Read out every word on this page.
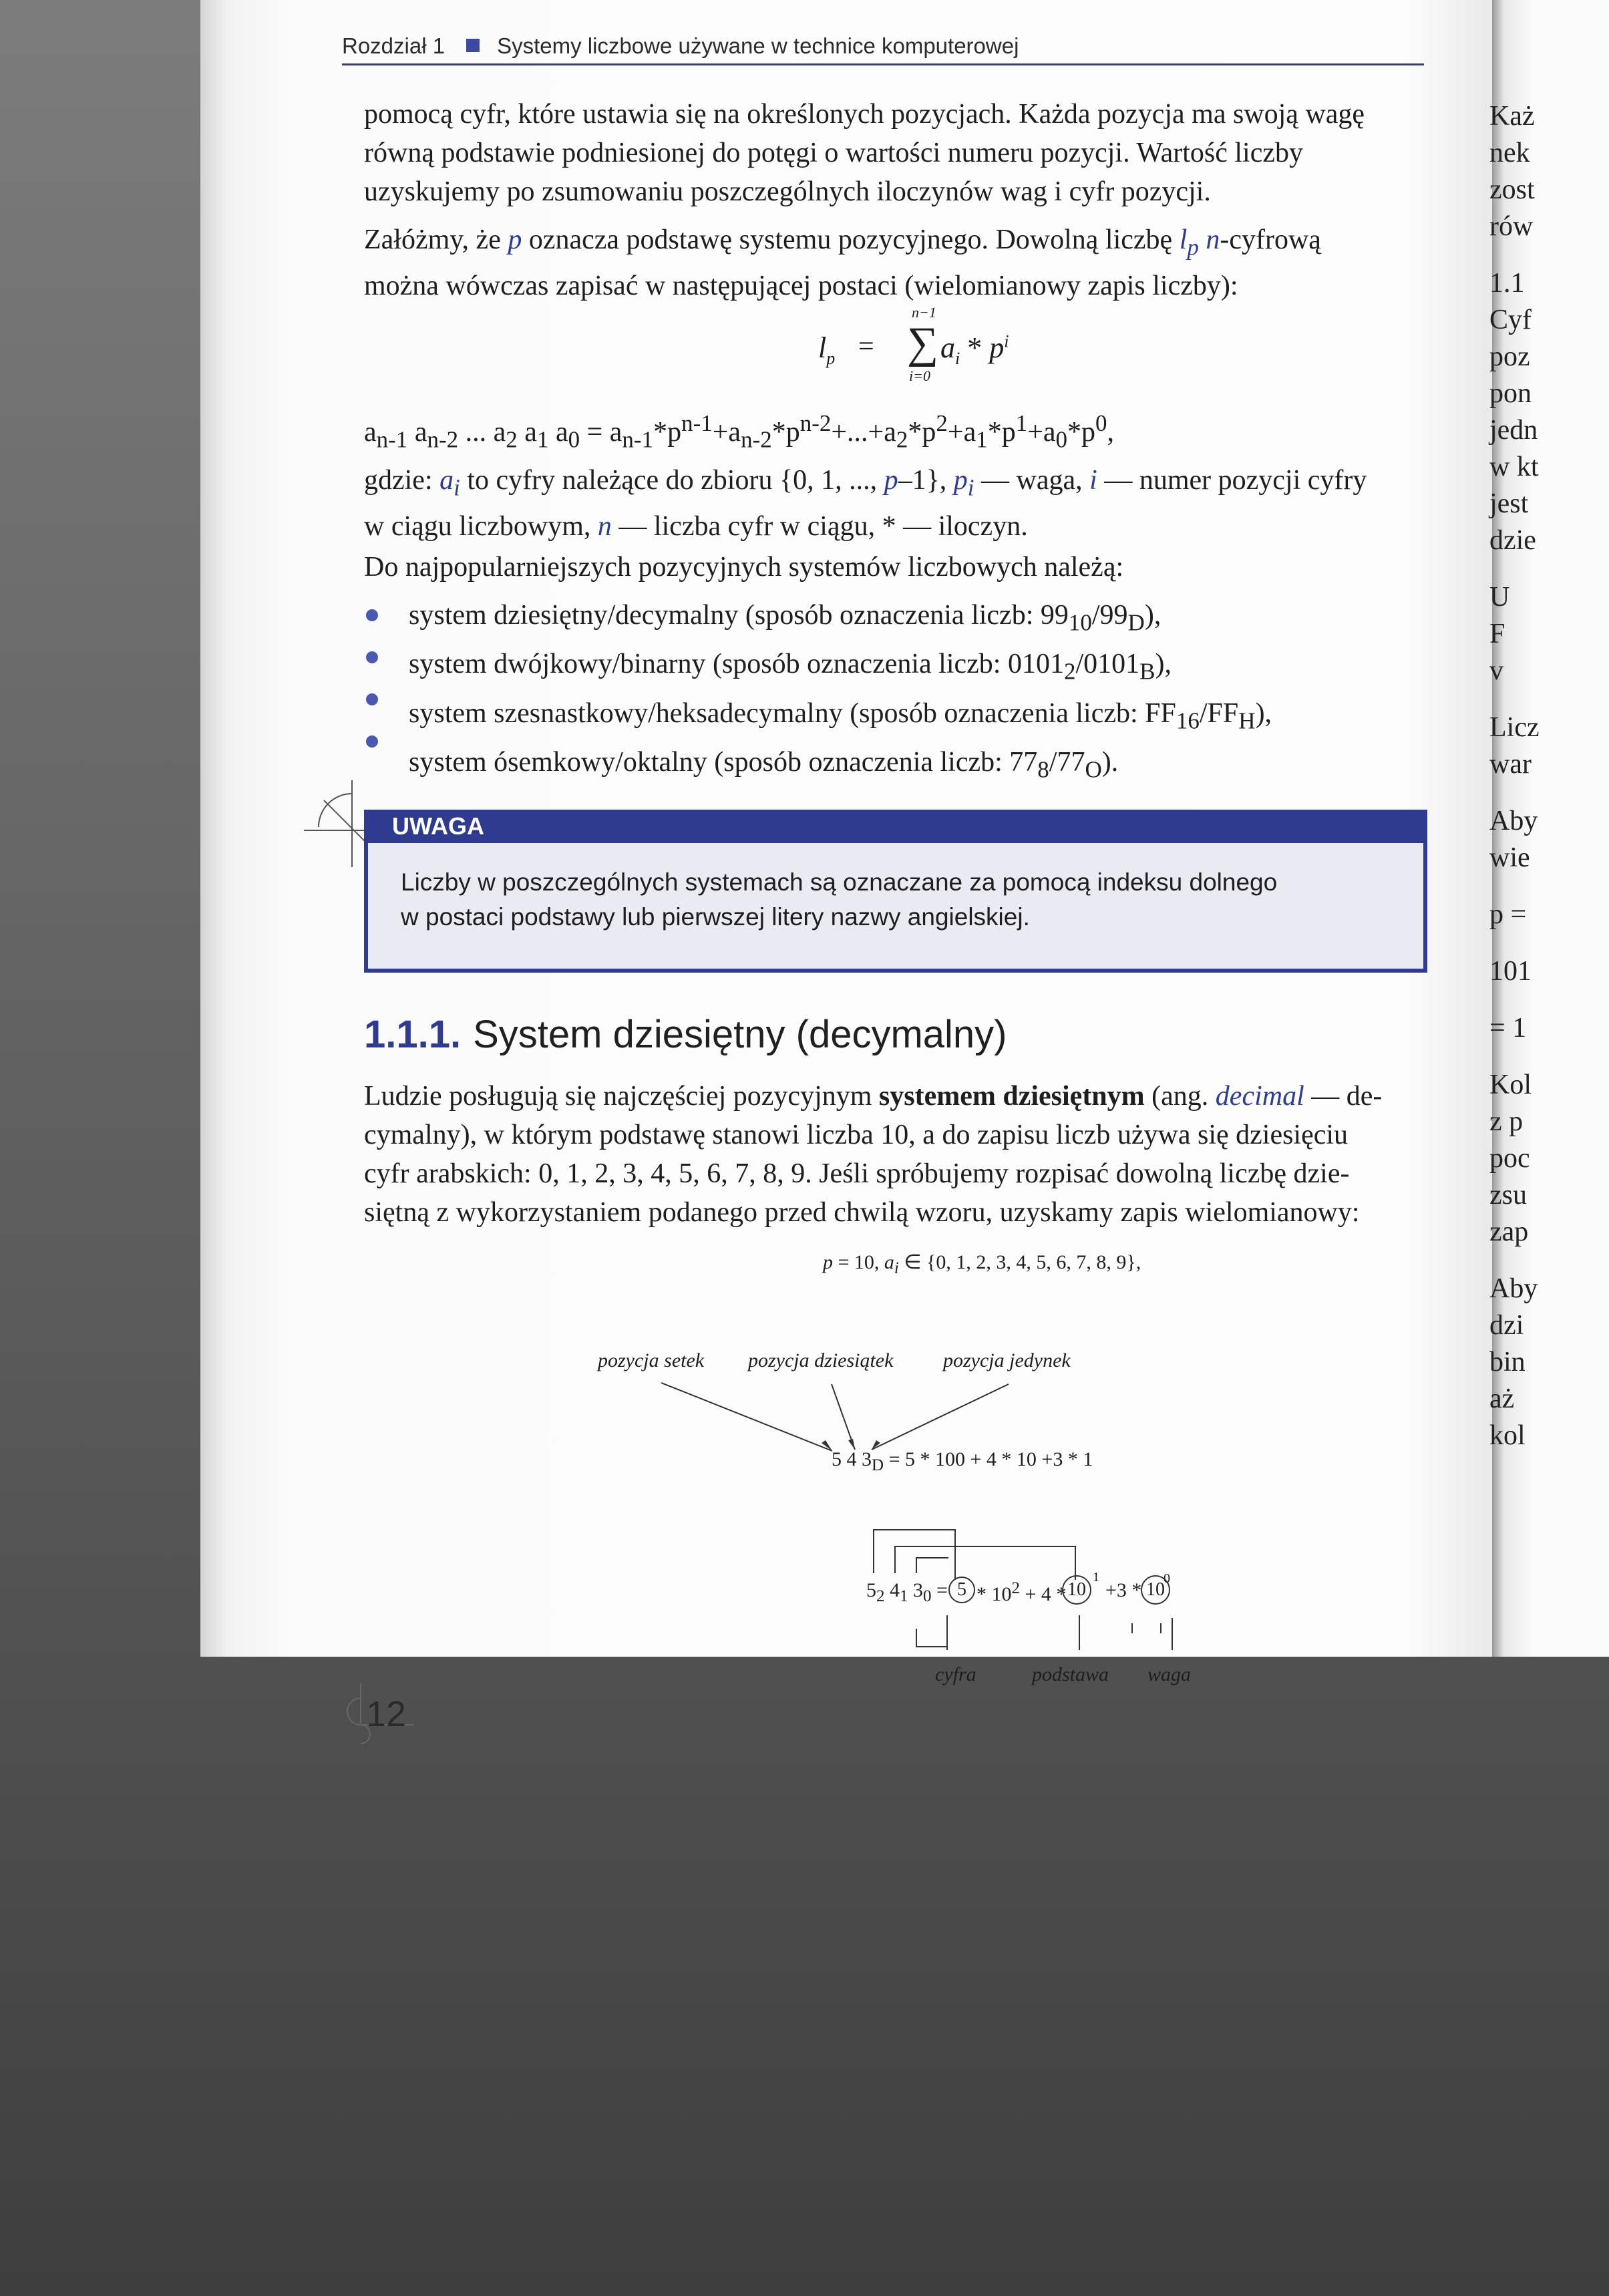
Każ
nek
zost
rów
1.1
Cyf
poz
pon
jedn
w kt
jest
dzie
U
F
v
Licz
war
Aby
wie
p =
101
= 1
Kol
z p
poc
zsu
zap
Aby
dzi
bin
aż
kol
Rozdział 1 Systemy liczbowe używane w technice komputerowej
pomocą cyfr, które ustawia się na określonych pozycjach. Każda pozycja ma swoją wagę
równą podstawie podniesionej do potęgi o wartości numeru pozycji. Wartość liczby
uzyskujemy po zsumowaniu poszczególnych iloczynów wag i cyfr pozycji.
Załóżmy, że p oznacza podstawę systemu pozycyjnego. Dowolną liczbę $l_p$ n-cyfrową
można wówczas zapisać w następującej postaci (wielomianowy zapis liczby):
$l_p$ =
n−1
∑
i=0
$a_i * p^i$
$a_{n-1}$ $a_{n-2}$ ... $a_2$ $a_1$ $a_0 = a_{n-1}*p^{n-1}+a_{n-2}*p^{n-2}+...+a_2*p^2+a_1*p^1+a_0*p^0$,
gdzie: $a_i$ to cyfry należące do zbioru {0, 1, ..., p–1}, $p_i$ — waga, i — numer pozycji cyfry
w ciągu liczbowym, n — liczba cyfr w ciągu, * — iloczyn.
Do najpopularniejszych pozycyjnych systemów liczbowych należą:
system dziesiętny/decymalny (sposób oznaczenia liczb: $99_{10}/99_D$),
system dwójkowy/binarny (sposób oznaczenia liczb: $0101_2/0101_B$),
system szesnastkowy/heksadecymalny (sposób oznaczenia liczb: $FF_{16}/FF_H$),
system ósemkowy/oktalny (sposób oznaczenia liczb: $77_8/77_O$).
UWAGA
Liczby w poszczególnych systemach są oznaczane za pomocą indeksu dolnego
w postaci podstawy lub pierwszej litery nazwy angielskiej.
1.1.1. System dziesiętny (decymalny)
Ludzie posługują się najczęściej pozycyjnym systemem dziesiętnym (ang. decimal — de-
cymalny), w którym podstawę stanowi liczba 10, a do zapisu liczb używa się dziesięciu
cyfr arabskich: 0, 1, 2, 3, 4, 5, 6, 7, 8, 9. Jeśli spróbujemy rozpisać dowolną liczbę dzie-
siętną z wykorzystaniem podanego przed chwilą wzoru, uzyskamy zapis wielomianowy:
p = 10, $a_i$ ∈ {0, 1, 2, 3, 4, 5, 6, 7, 8, 9},
pozycja setek pozycja dziesiątek pozycja jedynek
5 4 $3_D = 5 * 100 + 4 * 10 +3 * 1$
$5_2$ $4_1$ $3_0 = 5 * 10^2 + 4 * 10$
1
+3 * 10
0
cyfra	podstawa waga
12
